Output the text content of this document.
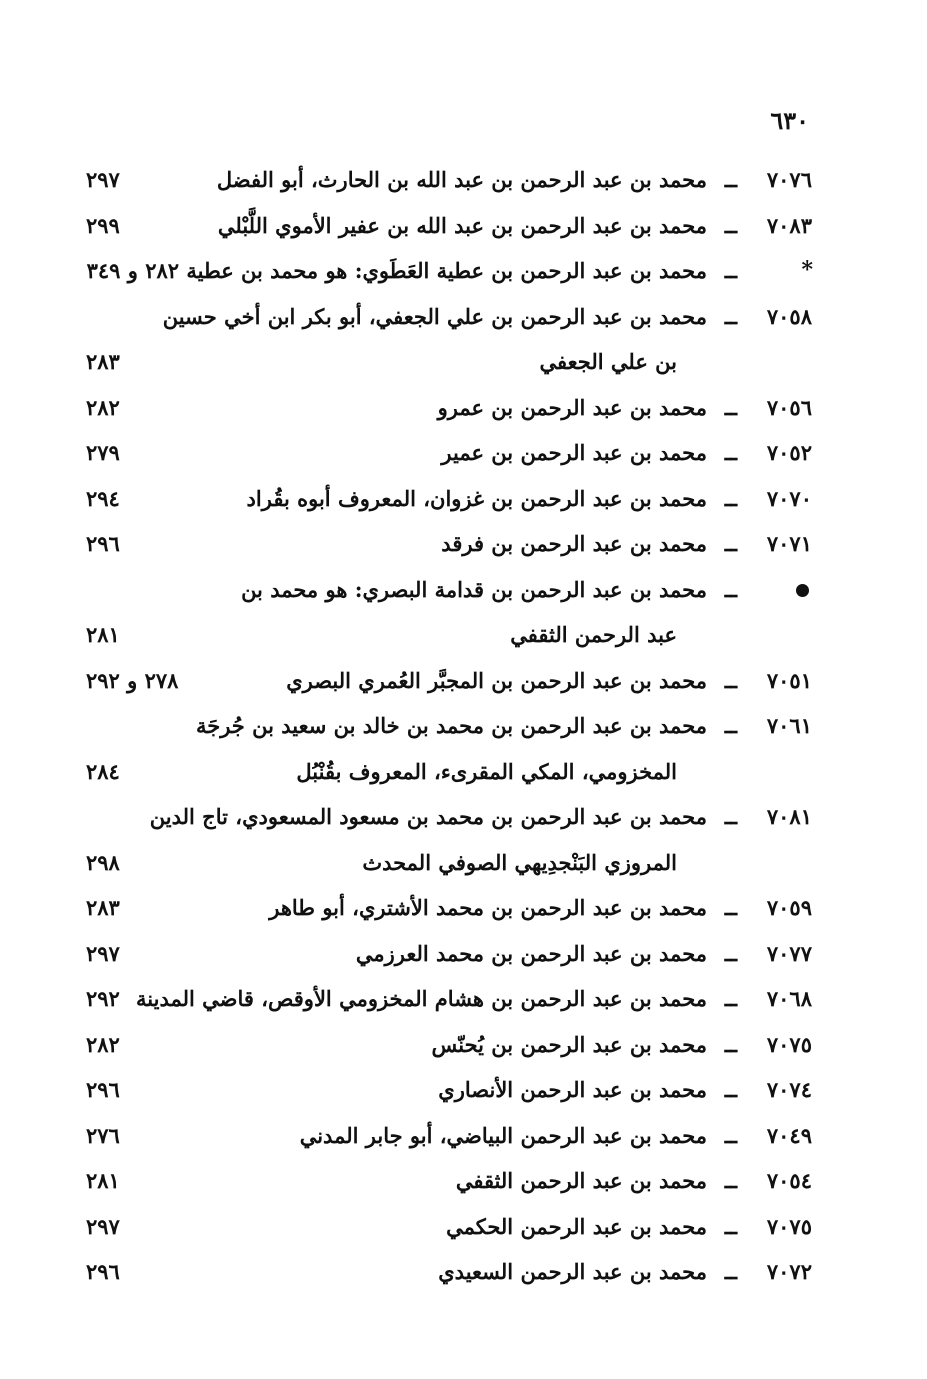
٦٣٠
٧٠٧٦
ــ
محمد بن عبد الرحمن بن عبد الله بن الحارث، أبو الفضل
٢٩٧
٧٠٨٣
ــ
محمد بن عبد الرحمن بن عبد الله بن عفير الأموي اللَّبْلي
٢٩٩
*
ــ
محمد بن عبد الرحمن بن عطية العَطَوي: هو محمد بن عطية ٢٨٢ و ٣٤٩
٧٠٥٨
ــ
محمد بن عبد الرحمن بن علي الجعفي، أبو بكر ابن أخي حسين
بن علي الجعفي
٢٨٣
٧٠٥٦
ــ
محمد بن عبد الرحمن بن عمرو
٢٨٢
٧٠٥٢
ــ
محمد بن عبد الرحمن بن عمير
٢٧٩
٧٠٧٠
ــ
محمد بن عبد الرحمن بن غزوان، المعروف أبوه بقُراد
٢٩٤
٧٠٧١
ــ
محمد بن عبد الرحمن بن فرقد
٢٩٦
ــ
محمد بن عبد الرحمن بن قدامة البصري: هو محمد بن
عبد الرحمن الثقفي
٢٨١
٧٠٥١
ــ
محمد بن عبد الرحمن بن المجبَّر العُمري البصري
٢٧٨ و ٢٩٢
٧٠٦١
ــ
محمد بن عبد الرحمن بن محمد بن خالد بن سعيد بن جُرجَة
المخزومي، المكي المقرىء، المعروف بقُنْبُل
٢٨٤
٧٠٨١
ــ
محمد بن عبد الرحمن بن محمد بن مسعود المسعودي، تاج الدين
المروزي البَنْجدِيهي الصوفي المحدث
٢٩٨
٧٠٥٩
ــ
محمد بن عبد الرحمن بن محمد الأشتري، أبو طاهر
٢٨٣
٧٠٧٧
ــ
محمد بن عبد الرحمن بن محمد العرزمي
٢٩٧
٧٠٦٨
ــ
محمد بن عبد الرحمن بن هشام المخزومي الأوقص، قاضي المدينة
٢٩٢
٧٠٧٥
ــ
محمد بن عبد الرحمن بن يُحنّس
٢٨٢
٧٠٧٤
ــ
محمد بن عبد الرحمن الأنصاري
٢٩٦
٧٠٤٩
ــ
محمد بن عبد الرحمن البياضي، أبو جابر المدني
٢٧٦
٧٠٥٤
ــ
محمد بن عبد الرحمن الثقفي
٢٨١
٧٠٧٥
ــ
محمد بن عبد الرحمن الحكمي
٢٩٧
٧٠٧٢
ــ
محمد بن عبد الرحمن السعيدي
٢٩٦
